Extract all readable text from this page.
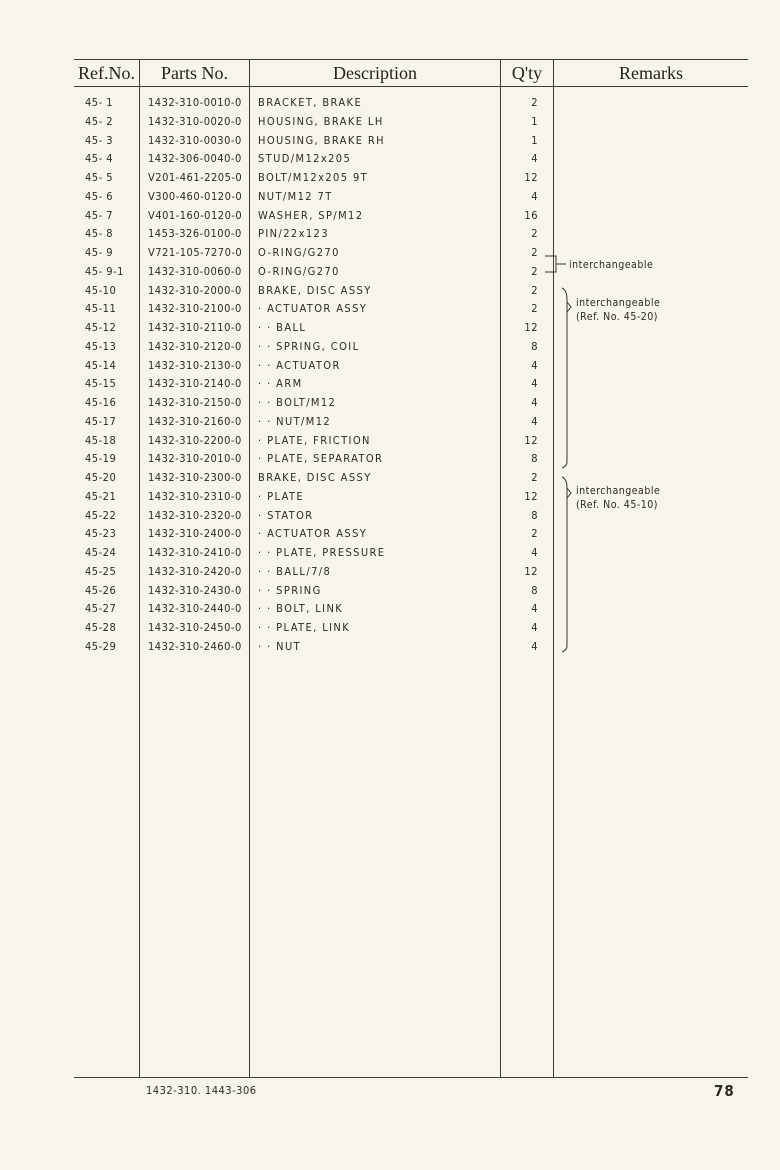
Ref.No.	Parts No.	Description	Q'ty	Remarks
45- 1	1432-310-0010-0 BRACKET, BRAKE	2
45- 2	1432-310-0020-0 HOUSING, BRAKE LH	1
45- 3	1432-310-0030-0 HOUSING, BRAKE RH	1
45- 4	1432-306-0040-0 STUD/M12x205	4
45- 5	V201-461-2205-0 BOLT/M12x205 9T	12
45- 6	V300-460-0120-0 NUT/M12 7T	4
45- 7	V401-160-0120-0 WASHER, SP/M12	16
45- 8	1453-326-0100-0 PIN/22x123	2
45- 9	V721-105-7270-0 O-RING/G270	2
45- 9-1 1432-310-0060-0 O-RING/G270	2
45-10	1432-310-2000-0 BRAKE, DISC ASSY	2
45-11	1432-310-2100-0 · ACTUATOR ASSY	2
45-12	1432-310-2110-0 · · BALL	12
45-13	1432-310-2120-0 · · SPRING, COIL	8
45-14	1432-310-2130-0 · · ACTUATOR	4
45-15	1432-310-2140-0 · · ARM	4
45-16	1432-310-2150-0 · · BOLT/M12	4
45-17	1432-310-2160-0 · · NUT/M12	4
45-18	1432-310-2200-0 · PLATE, FRICTION	12
45-19	1432-310-2010-0 · PLATE, SEPARATOR	8
45-20	1432-310-2300-0 BRAKE, DISC ASSY	2
45-21	1432-310-2310-0 · PLATE	12
45-22	1432-310-2320-0 · STATOR	8
45-23	1432-310-2400-0 · ACTUATOR ASSY	2
45-24	1432-310-2410-0 · · PLATE, PRESSURE	4
45-25	1432-310-2420-0 · · BALL/7/8	12
45-26	1432-310-2430-0 · · SPRING	8
45-27	1432-310-2440-0 · · BOLT, LINK	4
45-28	1432-310-2450-0 · · PLATE, LINK	4
45-29	1432-310-2460-0 · · NUT	4
interchangeable
interchangeable
(Ref. No. 45-20)
interchangeable
(Ref. No. 45-10)
1432-310. 1443-306	78
